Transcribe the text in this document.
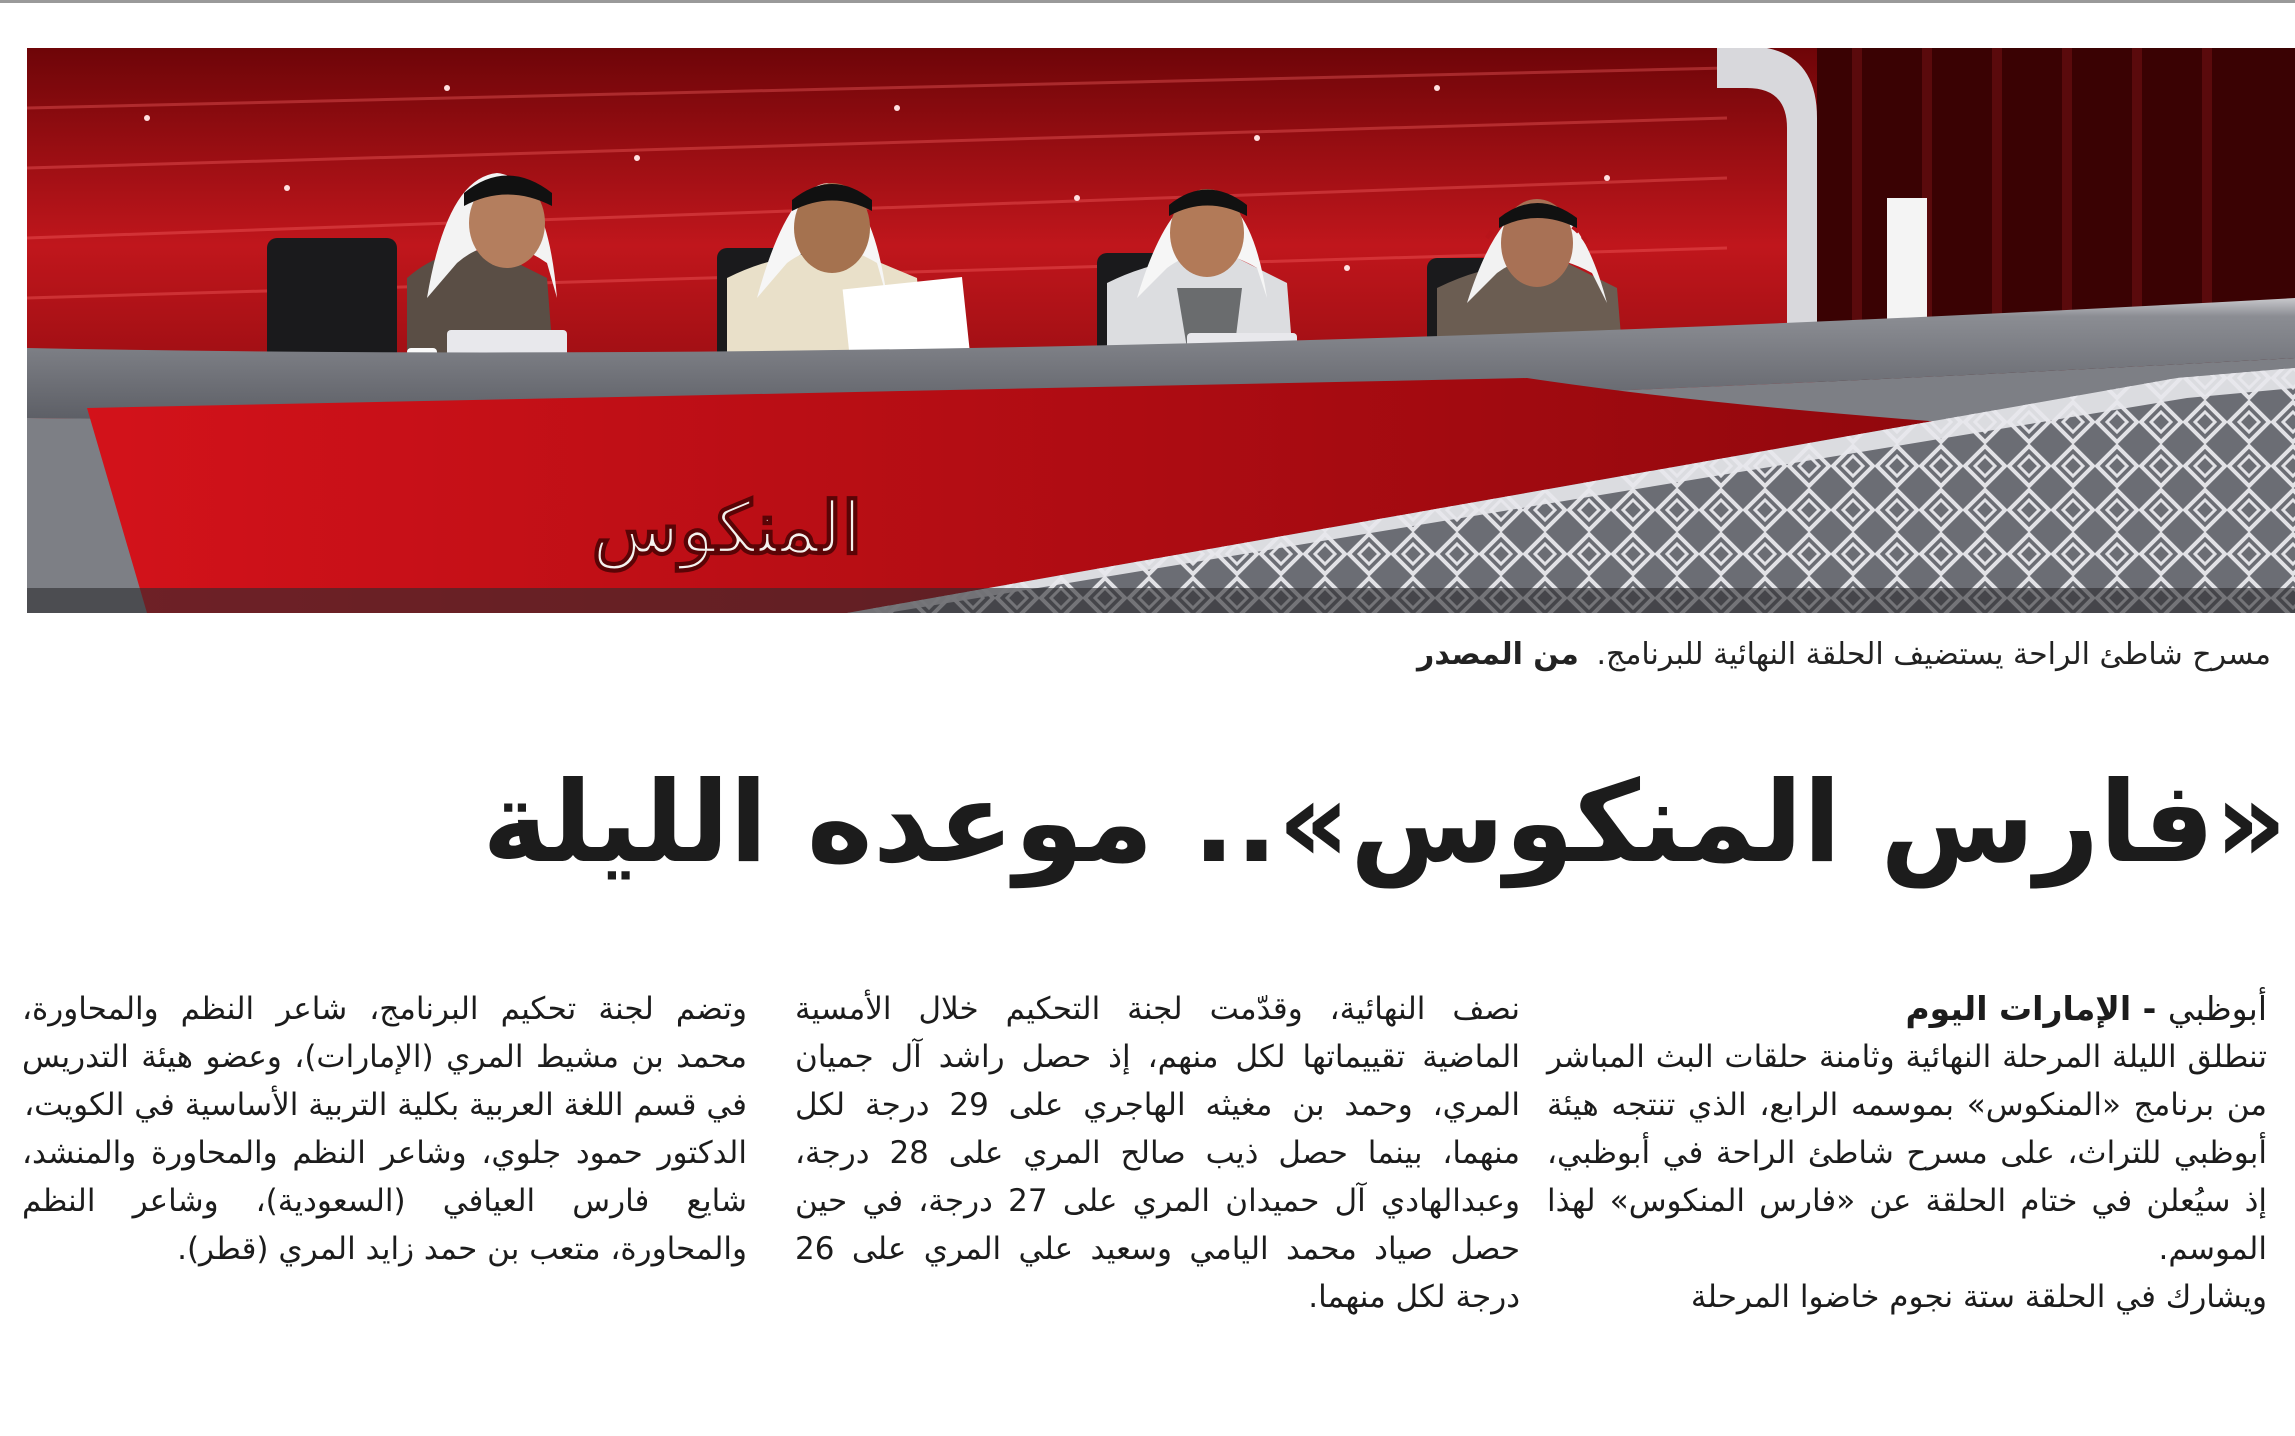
المنكوس
مسرح شاطئ الراحة يستضيف الحلقة النهائية للبرنامج. من المصدر
«فارس المنكوس».. موعده الليلة
أبوظبي - الإمارات اليوم

تنطلق الليلة المرحلة النهائية وثامنة حلقات البث المباشر من برنامج «المنكوس» بموسمه الرابع، الذي تنتجه هيئة أبوظبي للتراث، على مسرح شاطئ الراحة في أبوظبي، إذ سيُعلن في ختام الحلقة عن «فارس المنكوس» لهذا الموسم.

ويشارك في الحلقة ستة نجوم خاضوا المرحلة

نصف النهائية، وقدّمت لجنة التحكيم خلال الأمسية الماضية تقييماتها لكل منهم، إذ حصل راشد آل جميان المري، وحمد بن مغيثه الهاجري على 29 درجة لكل منهما، بينما حصل ذيب صالح المري على 28 درجة، وعبدالهادي آل حميدان المري على 27 درجة، في حين حصل صياد محمد اليامي وسعيد علي المري على 26 درجة لكل منهما.

وتضم لجنة تحكيم البرنامج، شاعر النظم والمحاورة، محمد بن مشيط المري (الإمارات)، وعضو هيئة التدريس في قسم اللغة العربية بكلية التربية الأساسية في الكويت،

الدكتور حمود جلوي، وشاعر النظم والمحاورة والمنشد، شايع فارس العيافي (السعودية)، وشاعر النظم والمحاورة، متعب بن حمد زايد المري (قطر).
